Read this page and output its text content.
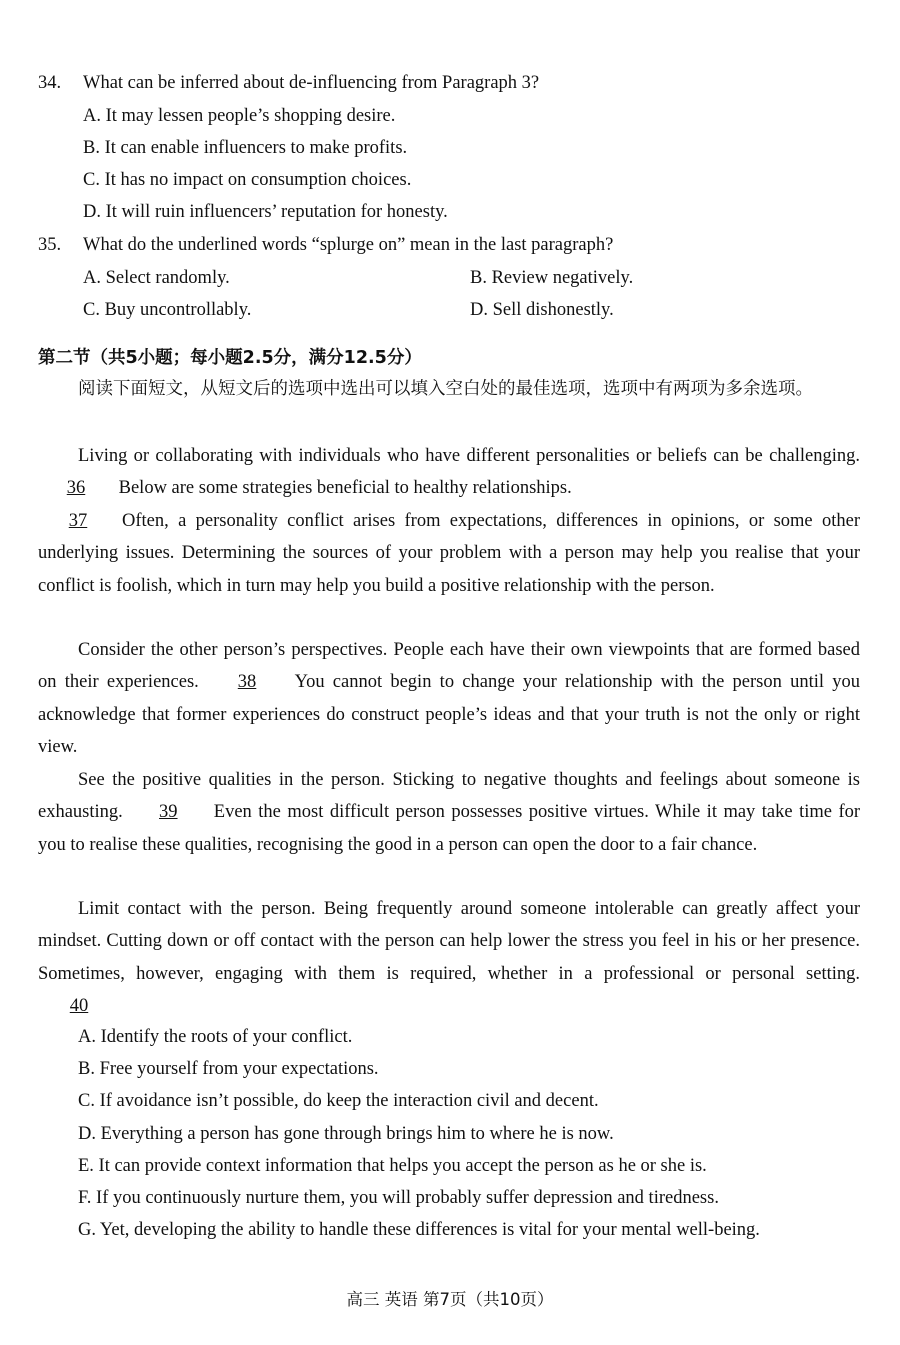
34. What can be inferred about de-influencing from Paragraph 3?
A. It may lessen people’s shopping desire.
B. It can enable influencers to make profits.
C. It has no impact on consumption choices.
D. It will ruin influencers’ reputation for honesty.
35. What do the underlined words “splurge on” mean in the last paragraph?
A. Select randomly.	B. Review negatively.
C. Buy uncontrollably.	D. Sell dishonestly.
第二节（共5小题；每小题2.5分，满分12.5分）
阅读下面短文，从短文后的选项中选出可以填入空白处的最佳选项，选项中有两项为多余选项。
Living or collaborating with individuals who have different personalities or beliefs can be challenging. 36 Below are some strategies beneficial to healthy relationships.
37 Often, a personality conflict arises from expectations, differences in opinions, or some other underlying issues. Determining the sources of your problem with a person may help you realise that your conflict is foolish, which in turn may help you build a positive relationship with the person.
Consider the other person’s perspectives. People each have their own viewpoints that are formed based on their experiences. 38 You cannot begin to change your relationship with the person until you acknowledge that former experiences do construct people’s ideas and that your truth is not the only or right view.
See the positive qualities in the person. Sticking to negative thoughts and feelings about someone is exhausting. 39 Even the most difficult person possesses positive virtues. While it may take time for you to realise these qualities, recognising the good in a person can open the door to a fair chance.
Limit contact with the person. Being frequently around someone intolerable can greatly affect your mindset. Cutting down or off contact with the person can help lower the stress you feel in his or her presence. Sometimes, however, engaging with them is required, whether in a professional or personal setting. 40
A. Identify the roots of your conflict.
B. Free yourself from your expectations.
C. If avoidance isn’t possible, do keep the interaction civil and decent.
D. Everything a person has gone through brings him to where he is now.
E. It can provide context information that helps you accept the person as he or she is.
F. If you continuously nurture them, you will probably suffer depression and tiredness.
G. Yet, developing the ability to handle these differences is vital for your mental well-being.
高三 英语 第7页（共10页）
